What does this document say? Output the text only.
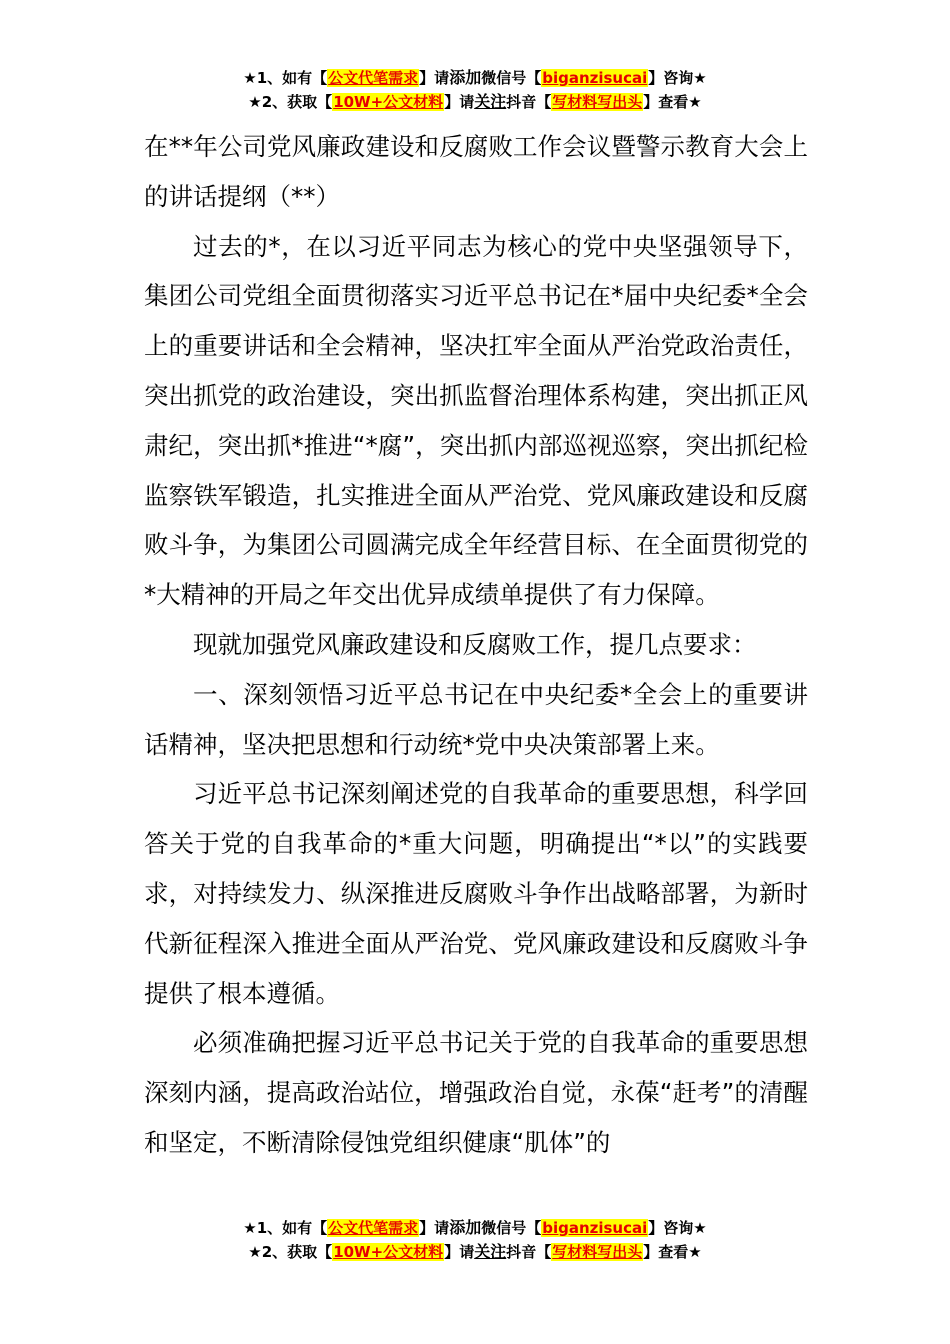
★1、如有【公文代笔需求】请添加微信号【biganzisucai】咨询★
★2、获取【10W+公文材料】请关注抖音【写材料写出头】查看★

在**年公司党风廉政建设和反腐败工作会议暨警示教育大会上的讲话提纲（**）

过去的*，在以习近平同志为核心的党中央坚强领导下，集团公司党组全面贯彻落实习近平总书记在*届中央纪委*全会上的重要讲话和全会精神，坚决扛牢全面从严治党政治责任，突出抓党的政治建设，突出抓监督治理体系构建，突出抓正风肃纪，突出抓*推进“*腐”，突出抓内部巡视巡察，突出抓纪检监察铁军锻造，扎实推进全面从严治党、党风廉政建设和反腐败斗争，为集团公司圆满完成全年经营目标、在全面贯彻党的*大精神的开局之年交出优异成绩单提供了有力保障。

现就加强党风廉政建设和反腐败工作，提几点要求：

一、深刻领悟习近平总书记在中央纪委*全会上的重要讲话精神，坚决把思想和行动统*党中央决策部署上来。

习近平总书记深刻阐述党的自我革命的重要思想，科学回答关于党的自我革命的*重大问题，明确提出“*以”的实践要求，对持续发力、纵深推进反腐败斗争作出战略部署，为新时代新征程深入推进全面从严治党、党风廉政建设和反腐败斗争提供了根本遵循。

必须准确把握习近平总书记关于党的自我革命的重要思想深刻内涵，提高政治站位，增强政治自觉，永葆“赶考”的清醒和坚定，不断清除侵蚀党组织健康“肌体”的

★1、如有【公文代笔需求】请添加微信号【biganzisucai】咨询★
★2、获取【10W+公文材料】请关注抖音【写材料写出头】查看★
